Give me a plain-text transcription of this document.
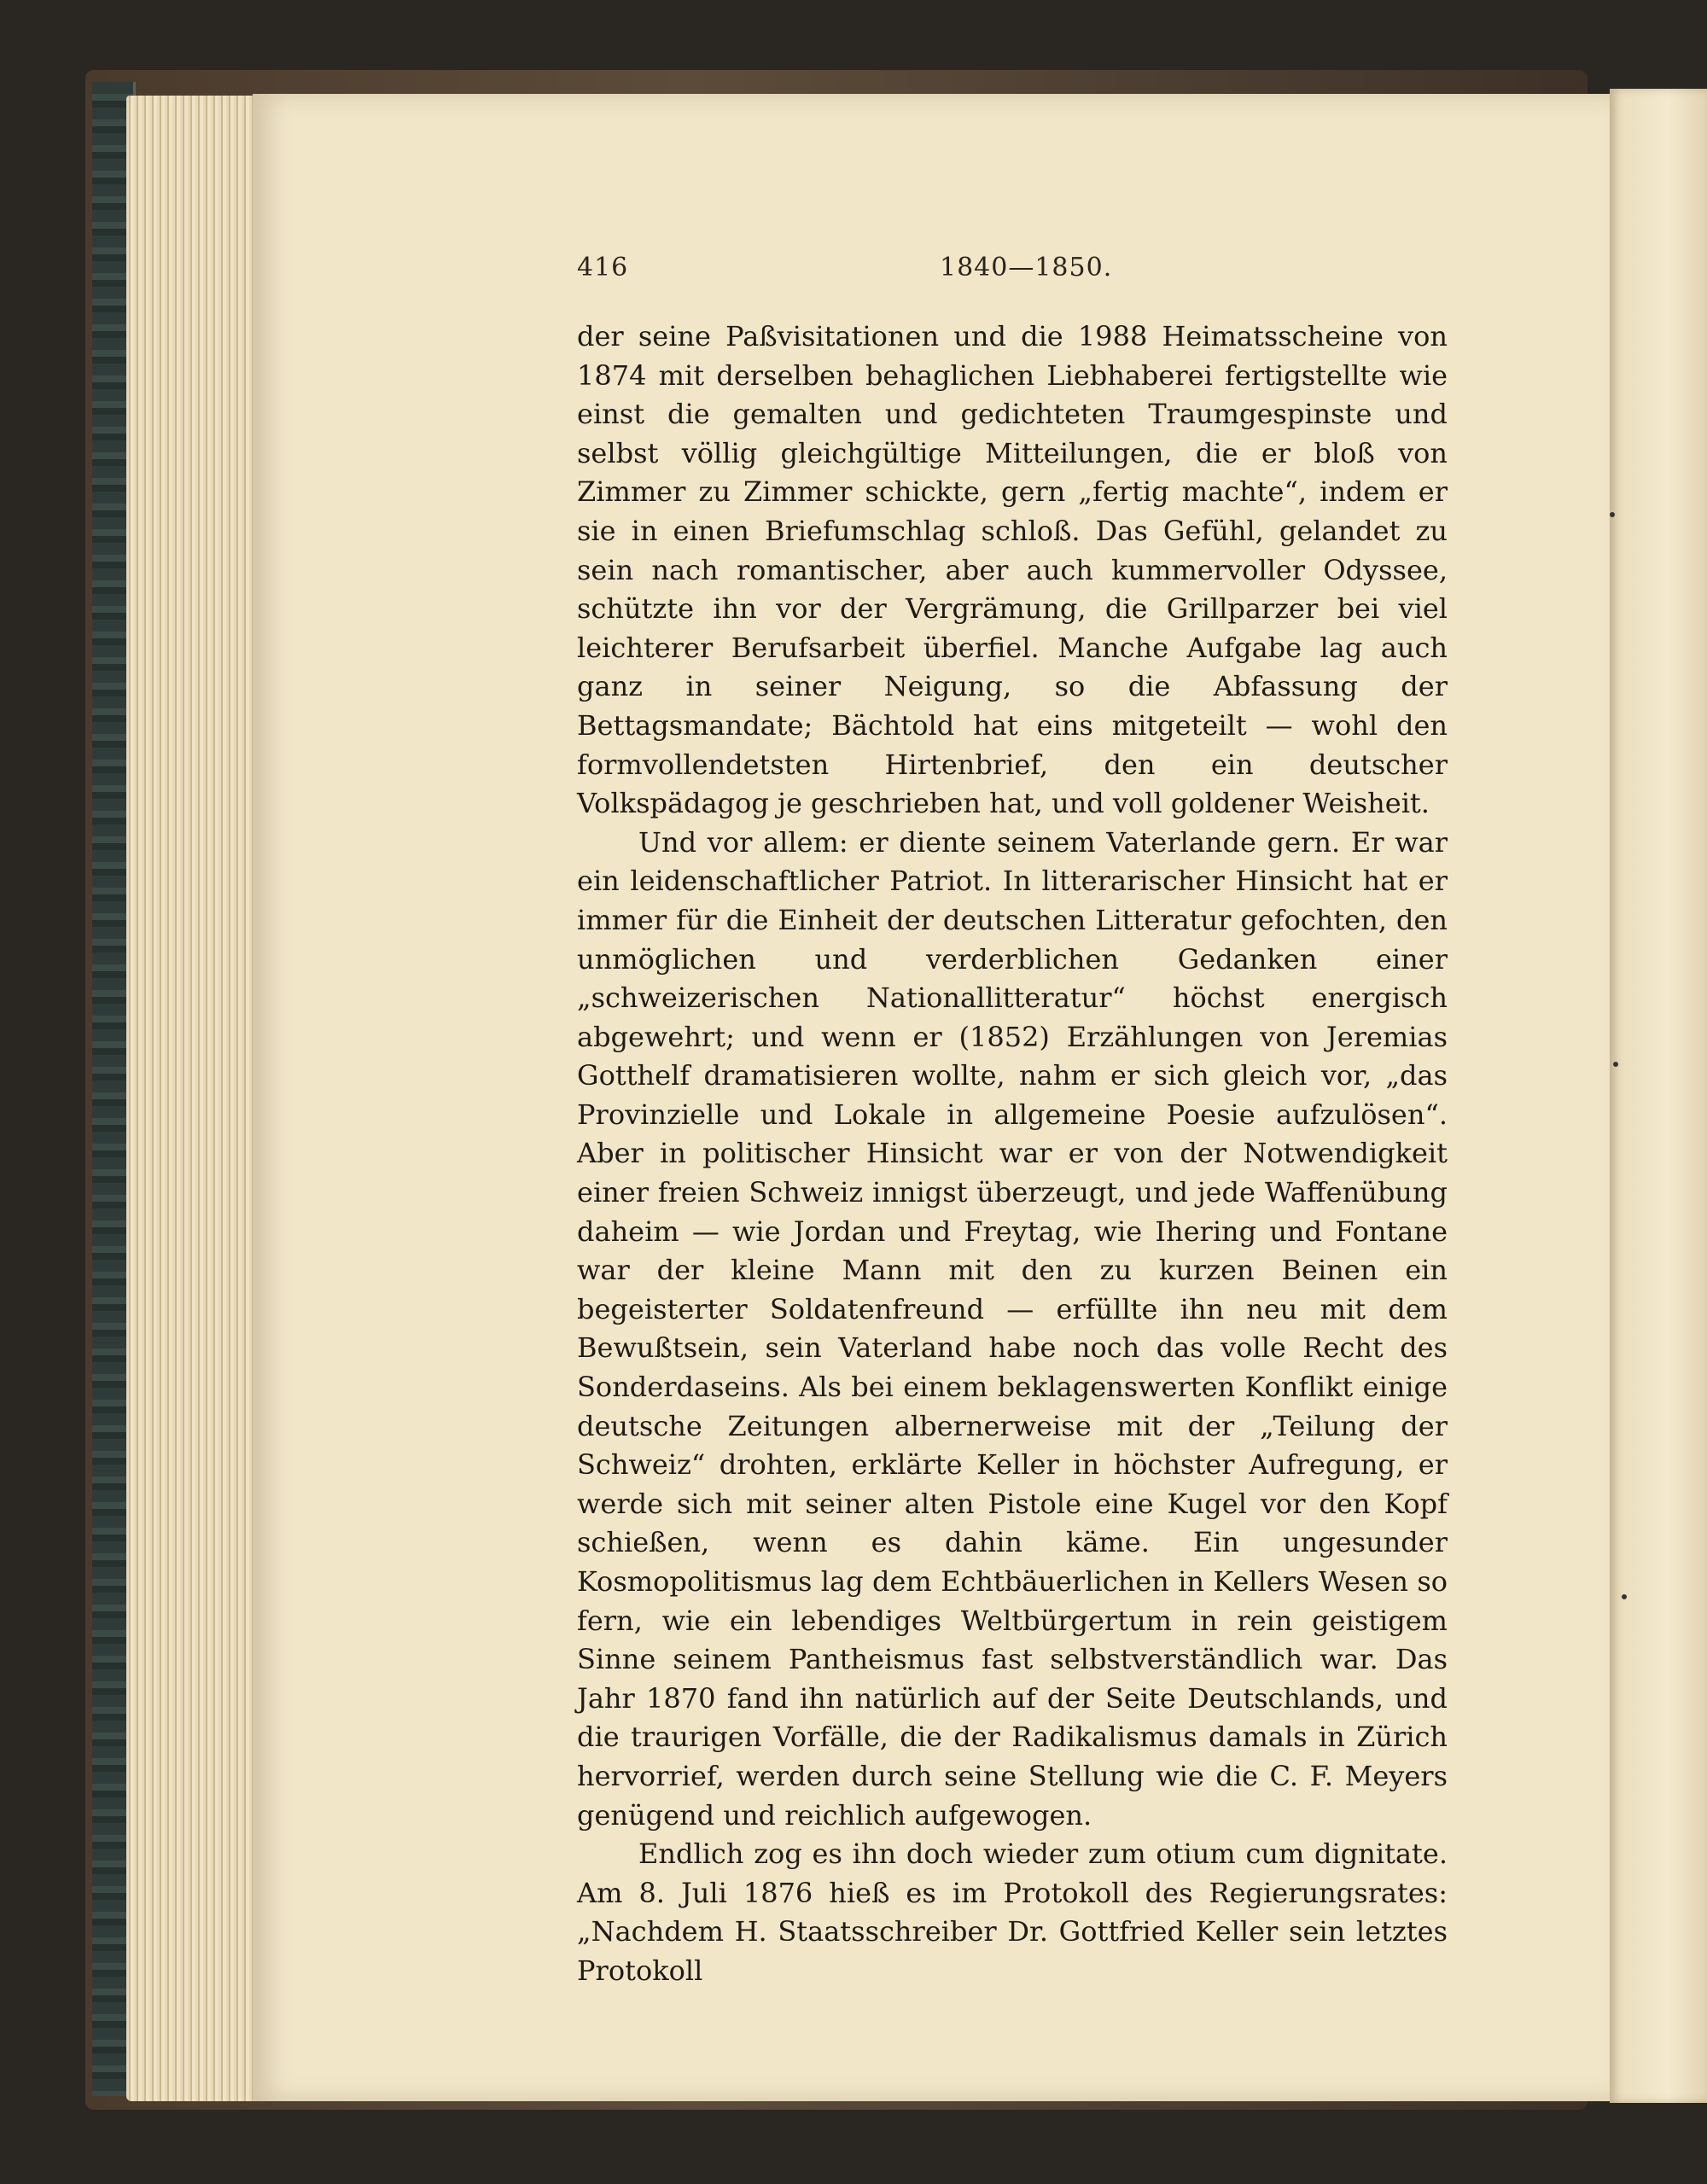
416	1840—1850.

der seine Paßvisitationen und die 1988 Heimatsscheine von 1874 mit derselben behaglichen Liebhaberei fertigstellte wie einst die gemalten und gedichteten Traumgespinste und selbst völlig gleichgültige Mitteilungen, die er bloß von Zimmer zu Zimmer schickte, gern „fertig machte“, indem er sie in einen Briefumschlag schloß. Das Gefühl, gelandet zu sein nach romantischer, aber auch kummervoller Odyssee, schützte ihn vor der Vergrämung, die Grillparzer bei viel leichterer Berufsarbeit überfiel. Manche Aufgabe lag auch ganz in seiner Neigung, so die Abfassung der Bettagsmandate; Bächtold hat eins mitgeteilt — wohl den formvollendetsten Hirtenbrief, den ein deutscher Volkspädagog je geschrieben hat, und voll goldener Weisheit.

Und vor allem: er diente seinem Vaterlande gern. Er war ein leidenschaftlicher Patriot. In litterarischer Hinsicht hat er immer für die Einheit der deutschen Litteratur gefochten, den unmöglichen und verderblichen Gedanken einer „schweizerischen Nationallitteratur“ höchst energisch abgewehrt; und wenn er (1852) Erzählungen von Jeremias Gotthelf dramatisieren wollte, nahm er sich gleich vor, „das Provinzielle und Lokale in allgemeine Poesie aufzulösen“. Aber in politischer Hinsicht war er von der Notwendigkeit einer freien Schweiz innigst überzeugt, und jede Waffenübung daheim — wie Jordan und Freytag, wie Ihering und Fontane war der kleine Mann mit den zu kurzen Beinen ein begeisterter Soldatenfreund — erfüllte ihn neu mit dem Bewußtsein, sein Vaterland habe noch das volle Recht des Sonderdaseins. Als bei einem beklagenswerten Konflikt einige deutsche Zeitungen albernerweise mit der „Teilung der Schweiz“ drohten, erklärte Keller in höchster Aufregung, er werde sich mit seiner alten Pistole eine Kugel vor den Kopf schießen, wenn es dahin käme. Ein ungesunder Kosmopolitismus lag dem Echtbäuerlichen in Kellers Wesen so fern, wie ein lebendiges Weltbürgertum in rein geistigem Sinne seinem Pantheismus fast selbstverständlich war. Das Jahr 1870 fand ihn natürlich auf der Seite Deutschlands, und die traurigen Vorfälle, die der Radikalismus damals in Zürich hervorrief, werden durch seine Stellung wie die C. F. Meyers genügend und reichlich aufgewogen.

Endlich zog es ihn doch wieder zum otium cum dignitate. Am 8. Juli 1876 hieß es im Protokoll des Regierungsrates: „Nachdem H. Staatsschreiber Dr. Gottfried Keller sein letztes Protokoll
